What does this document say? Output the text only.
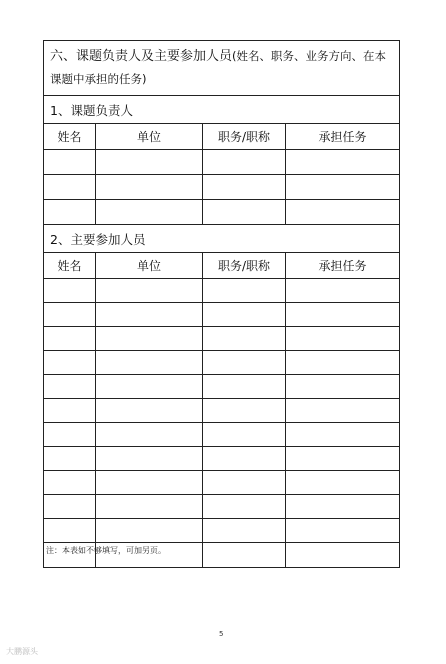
六、课题负责人及主要参加人员(姓名、职务、业务方向、在本课题中承担的任务)
1、课题负责人
姓名	单位	职务/职称	承担任务
2、主要参加人员
姓名	单位	职务/职称	承担任务
注：本表如不够填写，可加另页。
5
大鹏源头
